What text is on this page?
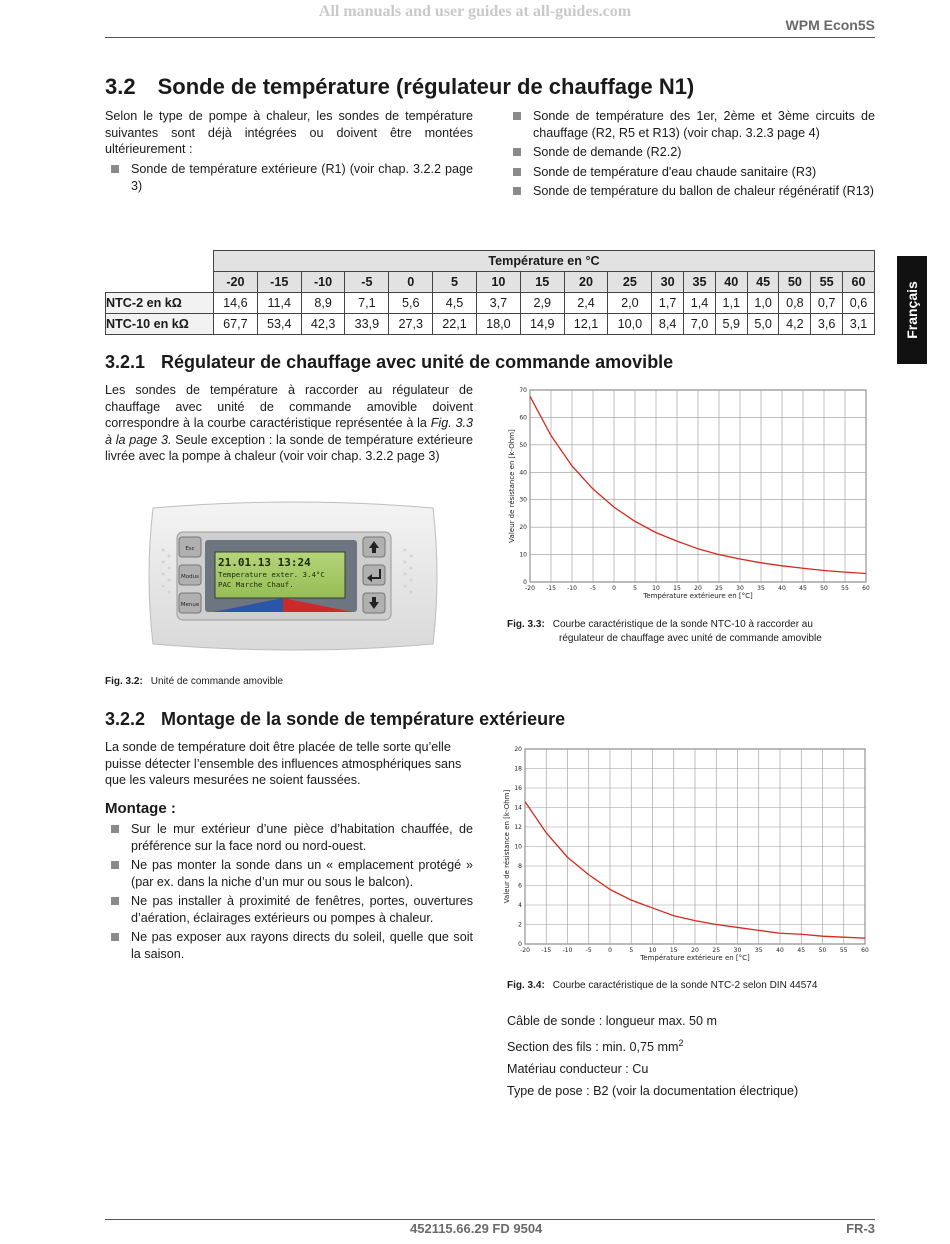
All manuals and user guides at all-guides.com
WPM Econ5S
Français
3.2 Sonde de température (régulateur de chauffage N1)
Selon le type de pompe à chaleur, les sondes de température suivantes sont déjà intégrées ou doivent être montées ultérieurement :
Sonde de température extérieure (R1) (voir chap. 3.2.2 page 3)
Sonde de température des 1er, 2ème et 3ème circuits de chauffage (R2, R5 et R13) (voir chap. 3.2.3 page 4)
Sonde de demande (R2.2)
Sonde de température d'eau chaude sanitaire (R3)
Sonde de température du ballon de chaleur régénératif (R13)
	Température en °C																
	-20	-15	-10	-5	0	5	10	15	20	25	30	35	40	45	50	55	60
NTC-2 en kΩ	14,6	11,4	8,9	7,1	5,6	4,5	3,7	2,9	2,4	2,0	1,7	1,4	1,1	1,0	0,8	0,7	0,6
NTC-10 en kΩ	67,7	53,4	42,3	33,9	27,3	22,1	18,0	14,9	12,1	10,0	8,4	7,0	5,9	5,0	4,2	3,6	3,1
3.2.1 Régulateur de chauffage avec unité de commande amovible
Les sondes de température à raccorder au régulateur de chauffage avec unité de commande amovible doivent correspondre à la courbe caractéristique représentée à la Fig. 3.3 à la page 3. Seule exception : la sonde de température extérieure livrée avec la pompe à chaleur (voir voir chap. 3.2.2 page 3)
21.01.13 13:24
Temperature exter. 3.4°C
PAC Marche Chauf.
Esc
Modus
Menue
Fig. 3.2: Unité de commande amovible
-20 -15 -10 -5	0	5	10 15 20 25 30 35 40 45 50 55 60
0
10
20
30
40
50
60
70
Température extérieure en [°C]
Valeur de résistance en [k-Ohm]
Fig. 3.3: Courbe caractéristique de la sonde NTC-10 à raccorder au
régulateur de chauffage avec unité de commande amovible
3.2.2 Montage de la sonde de température extérieure
La sonde de température doit être placée de telle sorte qu’elle puisse détecter l’ensemble des influences atmosphériques sans que les valeurs mesurées ne soient faussées.
Montage :
Sur le mur extérieur d’une pièce d’habitation chauffée, de préférence sur la face nord ou nord-ouest.
Ne pas monter la sonde dans un « emplacement protégé » (par ex. dans la niche d’un mur ou sous le balcon).
Ne pas installer à proximité de fenêtres, portes, ouvertures d’aération, éclairages extérieurs ou pompes à chaleur.
Ne pas exposer aux rayons directs du soleil, quelle que soit la saison.	-20 -15 -10 -5	0	5	10 15 20 25 30 35 40 45 50 55 60
0
2
4
6
8
10
12
14
16
18
20
Température extérieure en [°C]
Valeur de résistance en [k-Ohm]
Fig. 3.4: Courbe caractéristique de la sonde NTC-2 selon DIN 44574
Câble de sonde : longueur max. 50 m
Section des fils : min. 0,75 $mm^2$
Matériau conducteur : Cu
Type de pose : B2 (voir la documentation électrique)
452115.66.29 FD 9504	FR-3
